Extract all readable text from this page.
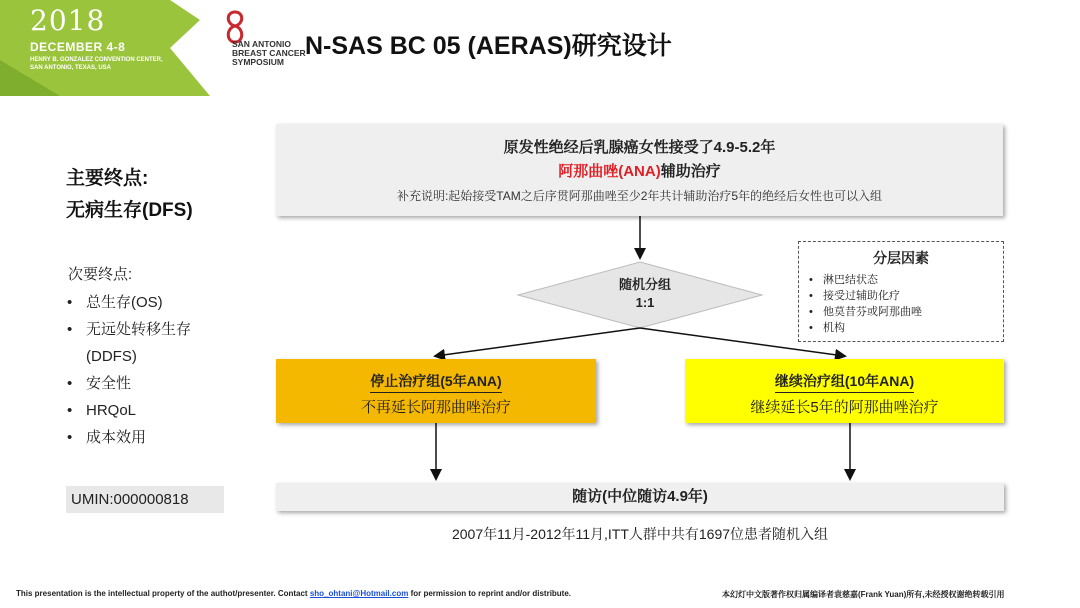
2018
DECEMBER 4-8
HENRY B. GONZALEZ CONVENTION CENTER,
SAN ANTONIO, TEXAS, USA
SAN ANTONIO
BREAST CANCER
SYMPOSIUM
N-SAS BC 05 (AERAS)研究设计
主要终点:
无病生存(DFS)
次要终点:
• 总生存(OS)
• 无远处转移生存
(DDFS)
• 安全性
• HRQoL
• 成本效用
UMIN:000000818
原发性绝经后乳腺癌女性接受了4.9-5.2年
阿那曲唑(ANA)辅助治疗
补充说明:起始接受TAM之后序贯阿那曲唑至少2年共计辅助治疗5年的绝经后女性也可以入组
分层因素
• 淋巴结状态
• 接受过辅助化疗
• 他莫昔芬或阿那曲唑
• 机构
随机分组
1:1
停止治疗组(5年ANA)
不再延长阿那曲唑治疗
继续治疗组(10年ANA)
继续延长5年的阿那曲唑治疗
随访(中位随访4.9年)
2007年11月-2012年11月,ITT人群中共有1697位患者随机入组
This presentation is the intellectual property of the authot/presenter. Contact sho_ohtani@Hotmail.com for permission to reprint and/or distribute.	本幻灯中文版著作权归属编译者袁慈嘉(Frank Yuan)所有,未经授权谢绝转载引用
